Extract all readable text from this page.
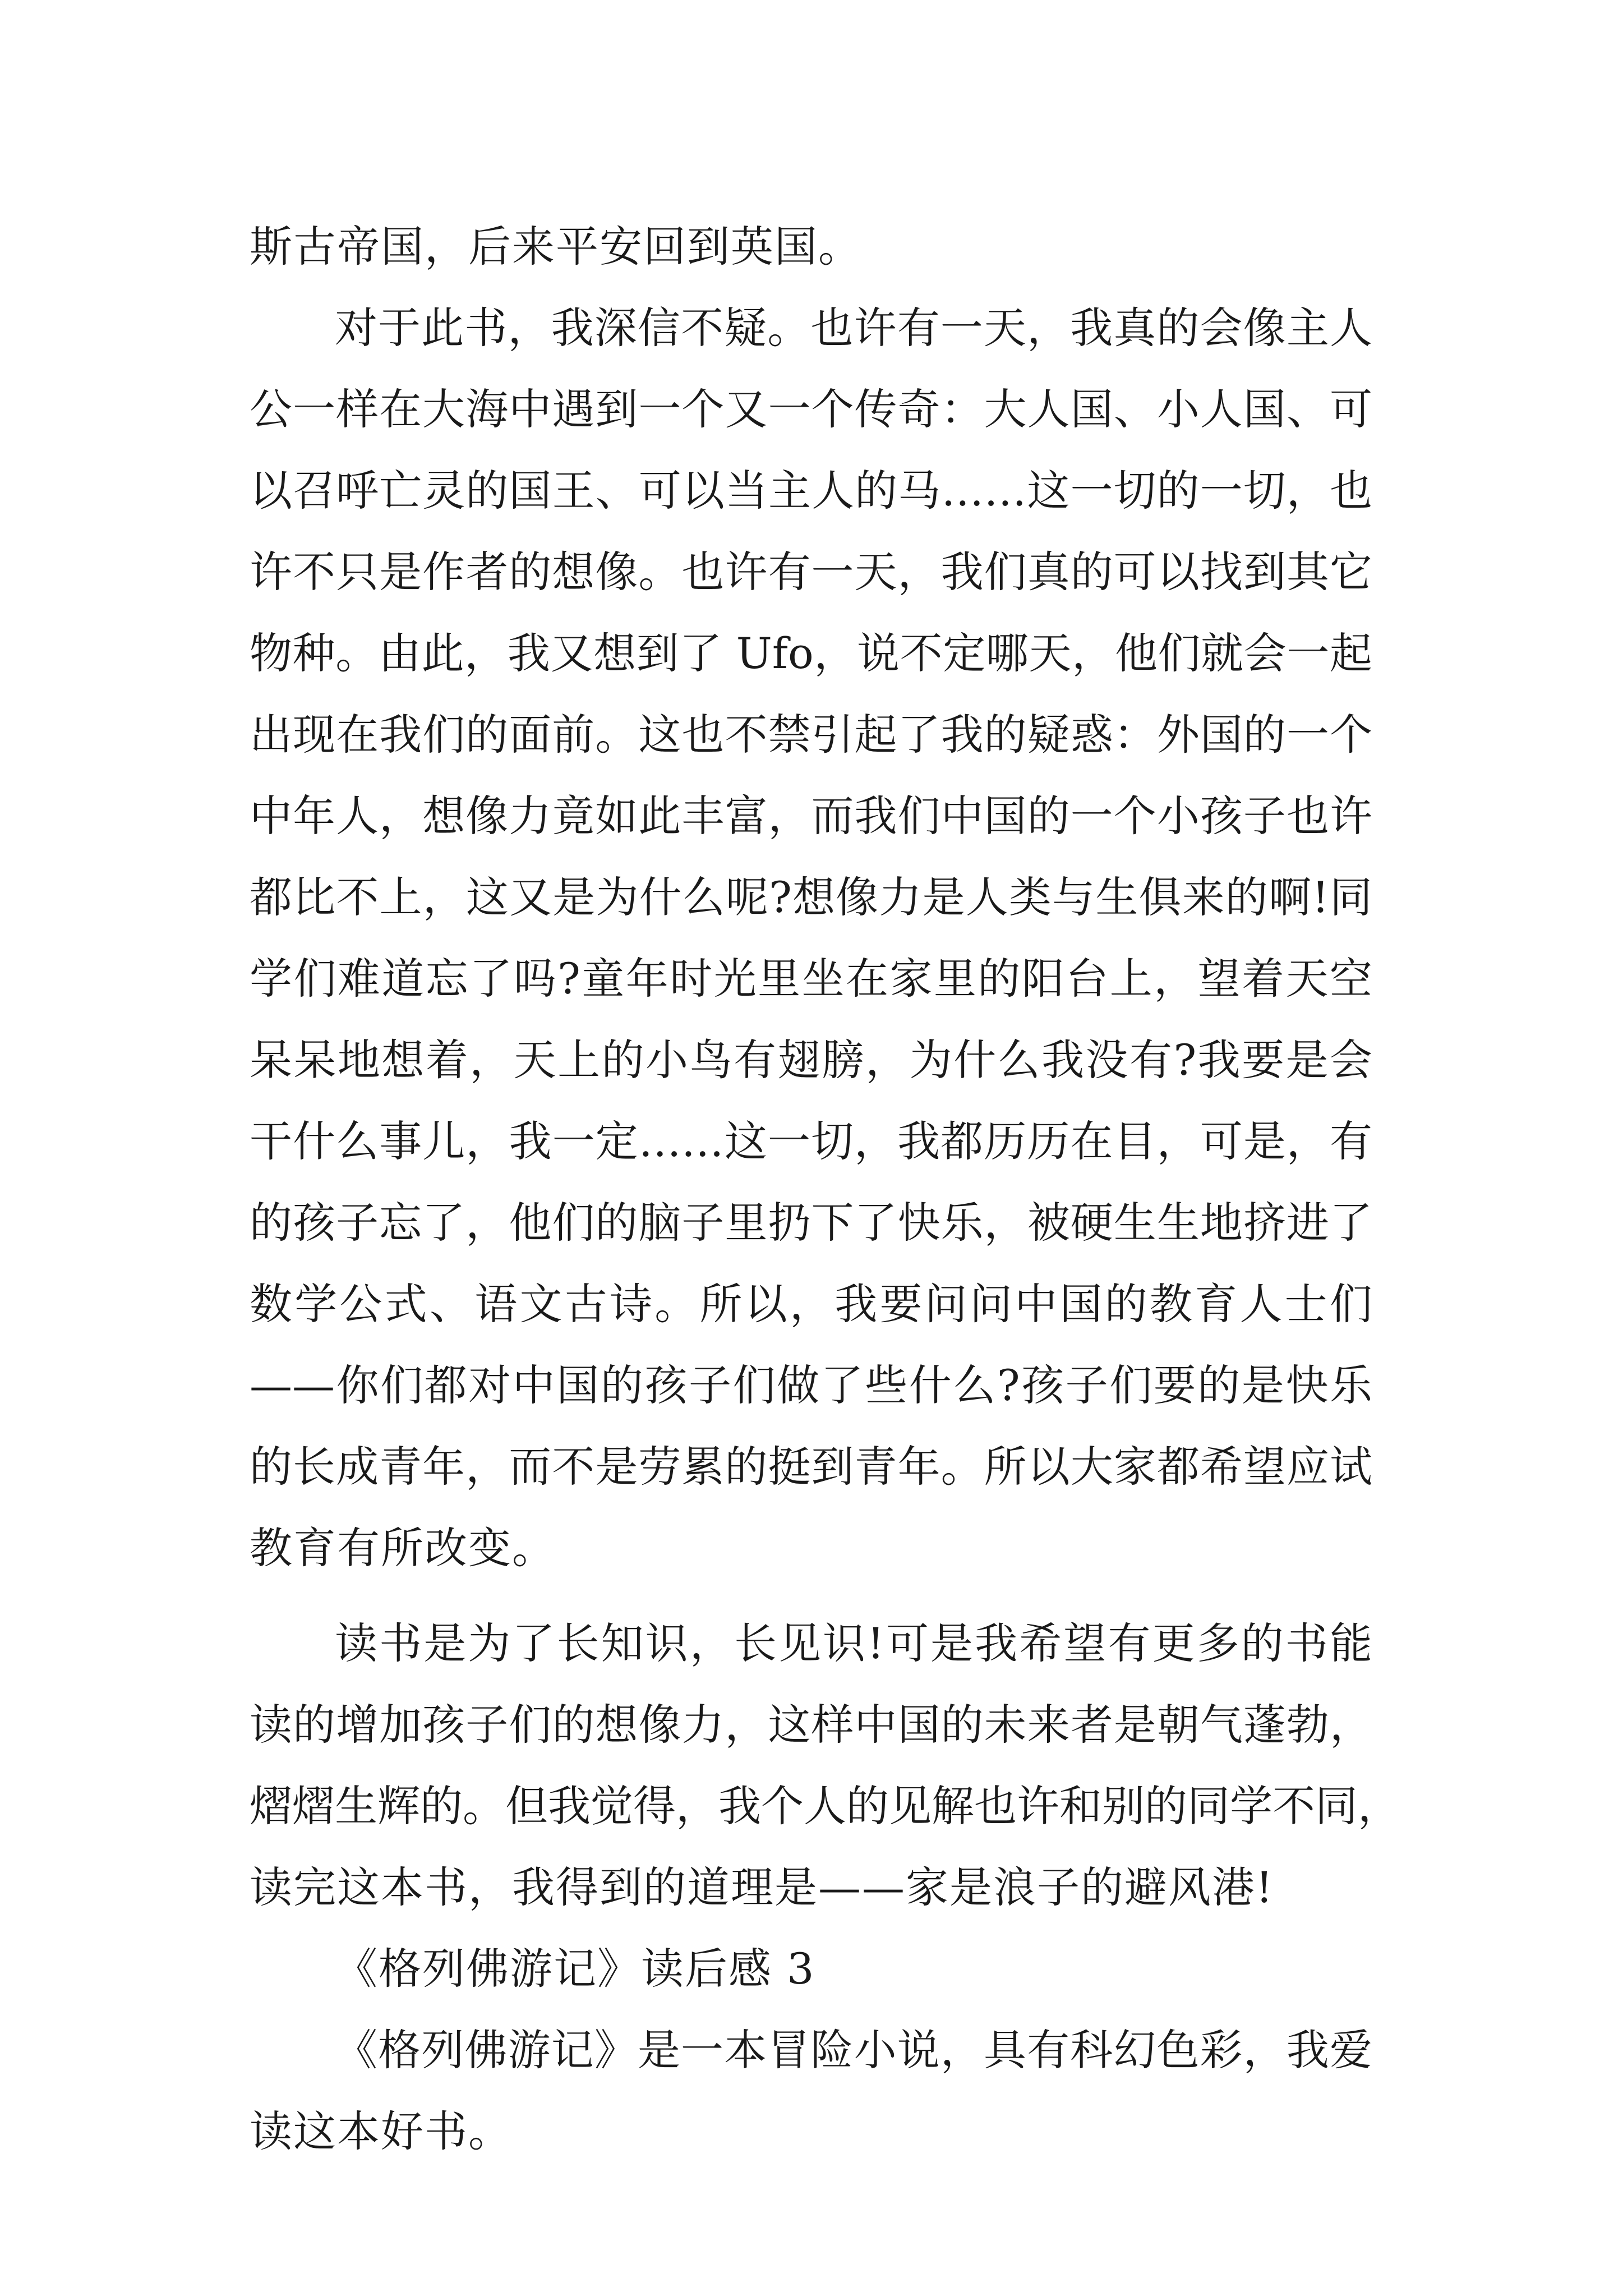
斯古帝国，后来平安回到英国。
对于此书，我深信不疑。也许有一天，我真的会像主人
公一样在大海中遇到一个又一个传奇：大人国、小人国、可
以召呼亡灵的国王、可以当主人的马……这一切的一切，也
许不只是作者的想像。也许有一天，我们真的可以找到其它
物种。由此，我又想到了 Ufo，说不定哪天，他们就会一起
出现在我们的面前。这也不禁引起了我的疑惑：外国的一个
中年人，想像力竟如此丰富，而我们中国的一个小孩子也许
都比不上，这又是为什么呢?想像力是人类与生俱来的啊!同
学们难道忘了吗?童年时光里坐在家里的阳台上，望着天空
呆呆地想着，天上的小鸟有翅膀，为什么我没有?我要是会
干什么事儿，我一定……这一切，我都历历在目，可是，有
的孩子忘了，他们的脑子里扔下了快乐，被硬生生地挤进了
数学公式、语文古诗。所以，我要问问中国的教育人士们
——你们都对中国的孩子们做了些什么?孩子们要的是快乐
的长成青年，而不是劳累的挺到青年。所以大家都希望应试
教育有所改变。
读书是为了长知识，长见识!可是我希望有更多的书能
读的增加孩子们的想像力，这样中国的未来者是朝气蓬勃，
熠熠生辉的。但我觉得，我个人的见解也许和别的同学不同，
读完这本书，我得到的道理是——家是浪子的避风港!
《格列佛游记》读后感 3
《格列佛游记》是一本冒险小说，具有科幻色彩，我爱
读这本好书。
